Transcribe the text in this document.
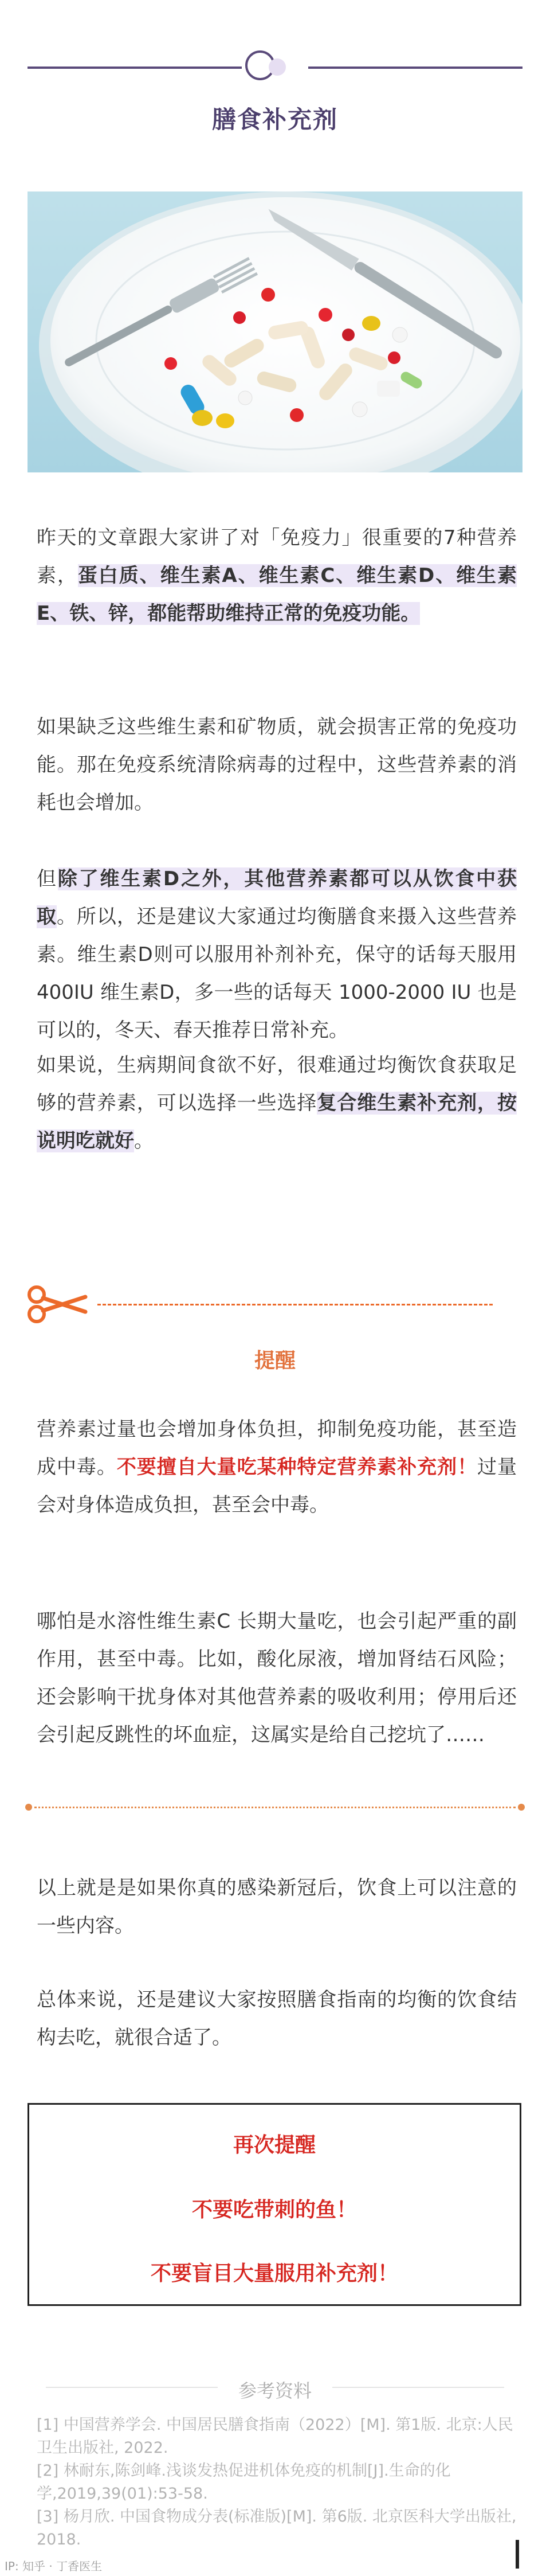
膳食补充剂
昨天的文章跟大家讲了对「免疫力」很重要的7种营养素，蛋白质、维生素A、维生素C、维生素D、维生素E、铁、锌，都能帮助维持正常的免疫功能。
如果缺乏这些维生素和矿物质，就会损害正常的免疫功能。那在免疫系统清除病毒的过程中，这些营养素的消耗也会增加。
但除了维生素D之外，其他营养素都可以从饮食中获取。所以，还是建议大家通过均衡膳食来摄入这些营养素。维生素D则可以服用补剂补充，保守的话每天服用 400IU 维生素D，多一些的话每天 1000-2000 IU 也是可以的，冬天、春天推荐日常补充。
如果说，生病期间食欲不好，很难通过均衡饮食获取足够的营养素，可以选择一些选择复合维生素补充剂，按说明吃就好。
提醒
营养素过量也会增加身体负担，抑制免疫功能，甚至造成中毒。不要擅自大量吃某种特定营养素补充剂！过量会对身体造成负担，甚至会中毒。
哪怕是水溶性维生素C 长期大量吃，也会引起严重的副作用，甚至中毒。比如，酸化尿液，增加肾结石风险；还会影响干扰身体对其他营养素的吸收利用；停用后还会引起反跳性的坏血症，这属实是给自己挖坑了……
以上就是是如果你真的感染新冠后，饮食上可以注意的一些内容。
总体来说，还是建议大家按照膳食指南的均衡的饮食结构去吃，就很合适了。
再次提醒
不要吃带刺的鱼！
不要盲目大量服用补充剂！
参考资料
[1] 中国营养学会. 中国居民膳食指南（2022）[M]. 第1版. 北京:人民卫生出版社, 2022.
[2] 林耐东,陈剑峰.浅谈发热促进机体免疫的机制[J].生命的化学,2019,39(01):53-58.
[3] 杨月欣. 中国食物成分表(标准版)[M]. 第6版. 北京医科大学出版社, 2018.
IP: 知乎 · 丁香医生
